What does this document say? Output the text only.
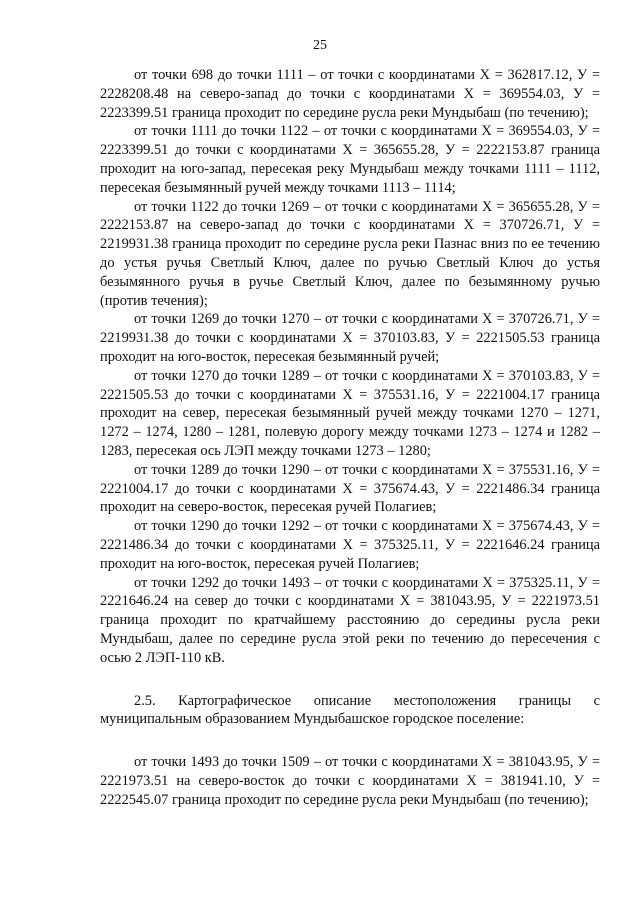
25

от точки 698 до точки 1111 – от точки с координатами Х = 362817.12, У = 2228208.48 на северо-запад до точки с координатами Х = 369554.03, У = 2223399.51 граница проходит по середине русла реки Мундыбаш (по течению);

от точки 1111 до точки 1122 – от точки с координатами Х = 369554.03, У = 2223399.51 до точки с координатами Х = 365655.28, У = 2222153.87 граница проходит на юго-запад, пересекая реку Мундыбаш между точками 1111 – 1112, пересекая безымянный ручей между точками 1113 – 1114;

от точки 1122 до точки 1269 – от точки с координатами Х = 365655.28, У = 2222153.87 на северо-запад до точки с координатами Х = 370726.71, У = 2219931.38 граница проходит по середине русла реки Пазнас вниз по ее течению до устья ручья Светлый Ключ, далее по ручью Светлый Ключ до устья безымянного ручья в ручье Светлый Ключ, далее по безымянному ручью (против течения);

от точки 1269 до точки 1270 – от точки с координатами Х = 370726.71, У = 2219931.38 до точки с координатами Х = 370103.83, У = 2221505.53 граница проходит на юго-восток, пересекая безымянный ручей;

от точки 1270 до точки 1289 – от точки с координатами Х = 370103.83, У = 2221505.53 до точки с координатами Х = 375531.16, У = 2221004.17 граница проходит на север, пересекая безымянный ручей между точками 1270 – 1271, 1272 – 1274, 1280 – 1281, полевую дорогу между точками 1273 – 1274 и 1282 – 1283, пересекая ось ЛЭП между точками 1273 – 1280;

от точки 1289 до точки 1290 – от точки с координатами Х = 375531.16, У = 2221004.17 до точки с координатами Х = 375674.43, У = 2221486.34 граница проходит на северо-восток, пересекая ручей Полагиев;

от точки 1290 до точки 1292 – от точки с координатами Х = 375674.43, У = 2221486.34 до точки с координатами Х = 375325.11, У = 2221646.24 граница проходит на юго-восток, пересекая ручей Полагиев;

от точки 1292 до точки 1493 – от точки с координатами Х = 375325.11, У = 2221646.24 на север до точки с координатами Х = 381043.95, У = 2221973.51 граница проходит по кратчайшему расстоянию до середины русла реки Мундыбаш, далее по середине русла этой реки по течению до пересечения с осью 2 ЛЭП-110 кВ.

2.5. Картографическое описание местоположения границы с муниципальным образованием Мундыбашское городское поселение:

от точки 1493 до точки 1509 – от точки с координатами Х = 381043.95, У = 2221973.51 на северо-восток до точки с координатами Х = 381941.10, У = 2222545.07 граница проходит по середине русла реки Мундыбаш (по течению);
